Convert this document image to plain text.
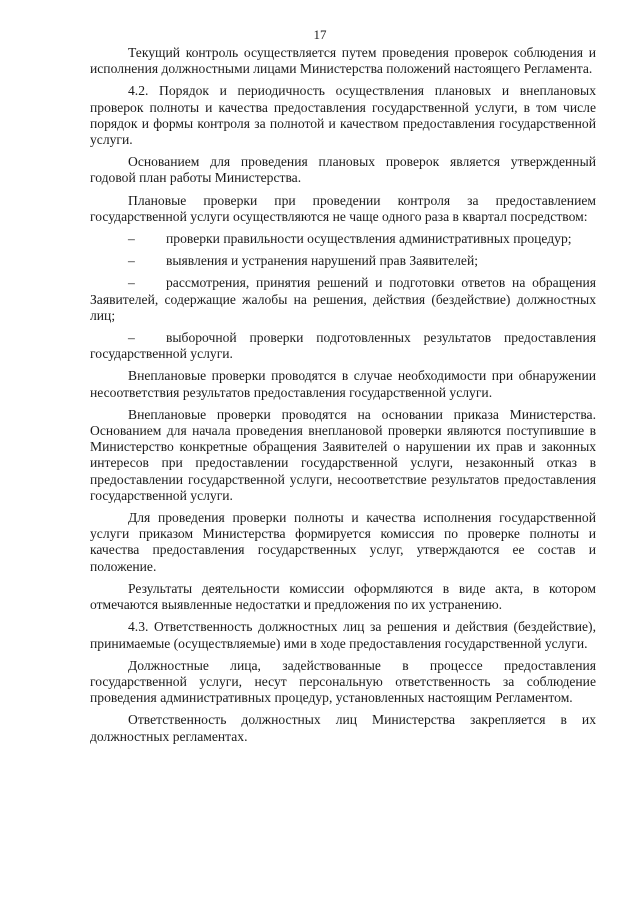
17

Текущий контроль осуществляется путем проведения проверок соблюдения и исполнения должностными лицами Министерства положений настоящего Регламента.

4.2. Порядок и периодичность осуществления плановых и внеплановых проверок полноты и качества предоставления государственной услуги, в том числе порядок и формы контроля за полнотой и качеством предоставления государственной услуги.

Основанием для проведения плановых проверок является утвержденный годовой план работы Министерства.

Плановые проверки при проведении контроля за предоставлением государственной услуги осуществляются не чаще одного раза в квартал посредством:

– проверки правильности осуществления административных процедур;

– выявления и устранения нарушений прав Заявителей;

– рассмотрения, принятия решений и подготовки ответов на обращения Заявителей, содержащие жалобы на решения, действия (бездействие) должностных лиц;

– выборочной проверки подготовленных результатов предоставления государственной услуги.

Внеплановые проверки проводятся в случае необходимости при обнаружении несоответствия результатов предоставления государственной услуги.

Внеплановые проверки проводятся на основании приказа Министерства. Основанием для начала проведения внеплановой проверки являются поступившие в Министерство конкретные обращения Заявителей о нарушении их прав и законных интересов при предоставлении государственной услуги, незаконный отказ в предоставлении государственной услуги, несоответствие результатов предоставления государственной услуги.

Для проведения проверки полноты и качества исполнения государственной услуги приказом Министерства формируется комиссия по проверке полноты и качества предоставления государственных услуг, утверждаются ее состав и положение.

Результаты деятельности комиссии оформляются в виде акта, в котором отмечаются выявленные недостатки и предложения по их устранению.

4.3. Ответственность должностных лиц за решения и действия (бездействие), принимаемые (осуществляемые) ими в ходе предоставления государственной услуги.

Должностные лица, задействованные в процессе предоставления государственной услуги, несут персональную ответственность за соблюдение проведения административных процедур, установленных настоящим Регламентом.

Ответственность должностных лиц Министерства закрепляется в их должностных регламентах.
